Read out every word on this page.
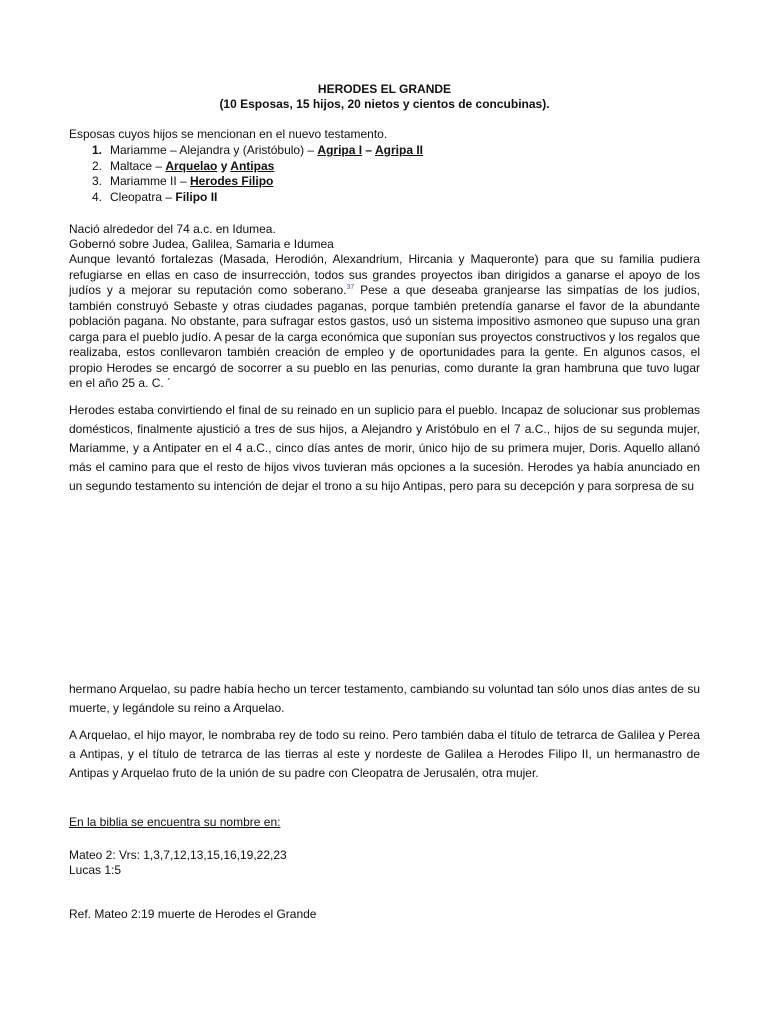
HERODES EL GRANDE
(10 Esposas, 15 hijos, 20 nietos y cientos de concubinas).
Esposas cuyos hijos se mencionan en el nuevo testamento.
1. Mariamme – Alejandra y (Aristóbulo) – Agripa I – Agripa II
2. Maltace – Arquelao y Antipas
3. Mariamme II – Herodes Filipo
4. Cleopatra – Filipo II
Nació alrededor del 74 a.c. en Idumea.
Gobernó sobre Judea, Galilea, Samaria e Idumea
Aunque levantó fortalezas (Masada, Herodión, Alexandrium, Hircania y Maqueronte) para que su familia pudiera refugiarse en ellas en caso de insurrección, todos sus grandes proyectos iban dirigidos a ganarse el apoyo de los judíos y a mejorar su reputación como soberano.$^{37}$ Pese a que deseaba granjearse las simpatías de los judíos, también construyó Sebaste y otras ciudades paganas, porque también pretendía ganarse el favor de la abundante población pagana. No obstante, para sufragar estos gastos, usó un sistema impositivo asmoneo que supuso una gran carga para el pueblo judío. A pesar de la carga económica que suponían sus proyectos constructivos y los regalos que realizaba, estos conllevaron también creación de empleo y de oportunidades para la gente. En algunos casos, el propio Herodes se encargó de socorrer a su pueblo en las penurias, como durante la gran hambruna que tuvo lugar en el año 25 a. C. ´
Herodes estaba convirtiendo el final de su reinado en un suplicio para el pueblo. Incapaz de solucionar sus problemas domésticos, finalmente ajustició a tres de sus hijos, a Alejandro y Aristóbulo en el 7 a.C., hijos de su segunda mujer, Mariamme, y a Antipater en el 4 a.C., cinco días antes de morir, único hijo de su primera mujer, Doris. Aquello allanó más el camino para que el resto de hijos vivos tuvieran más opciones a la sucesión. Herodes ya había anunciado en un segundo testamento su intención de dejar el trono a su hijo Antipas, pero para su decepción y para sorpresa de su
hermano Arquelao, su padre había hecho un tercer testamento, cambiando su voluntad tan sólo unos días antes de su muerte, y legándole su reino a Arquelao.
A Arquelao, el hijo mayor, le nombraba rey de todo su reino. Pero también daba el título de tetrarca de Galilea y Perea a Antipas, y el título de tetrarca de las tierras al este y nordeste de Galilea a Herodes Filipo II, un hermanastro de Antipas y Arquelao fruto de la unión de su padre con Cleopatra de Jerusalén, otra mujer.
En la biblia se encuentra su nombre en:
Mateo 2: Vrs: 1,3,7,12,13,15,16,19,22,23
Lucas 1:5
Ref. Mateo 2:19 muerte de Herodes el Grande
